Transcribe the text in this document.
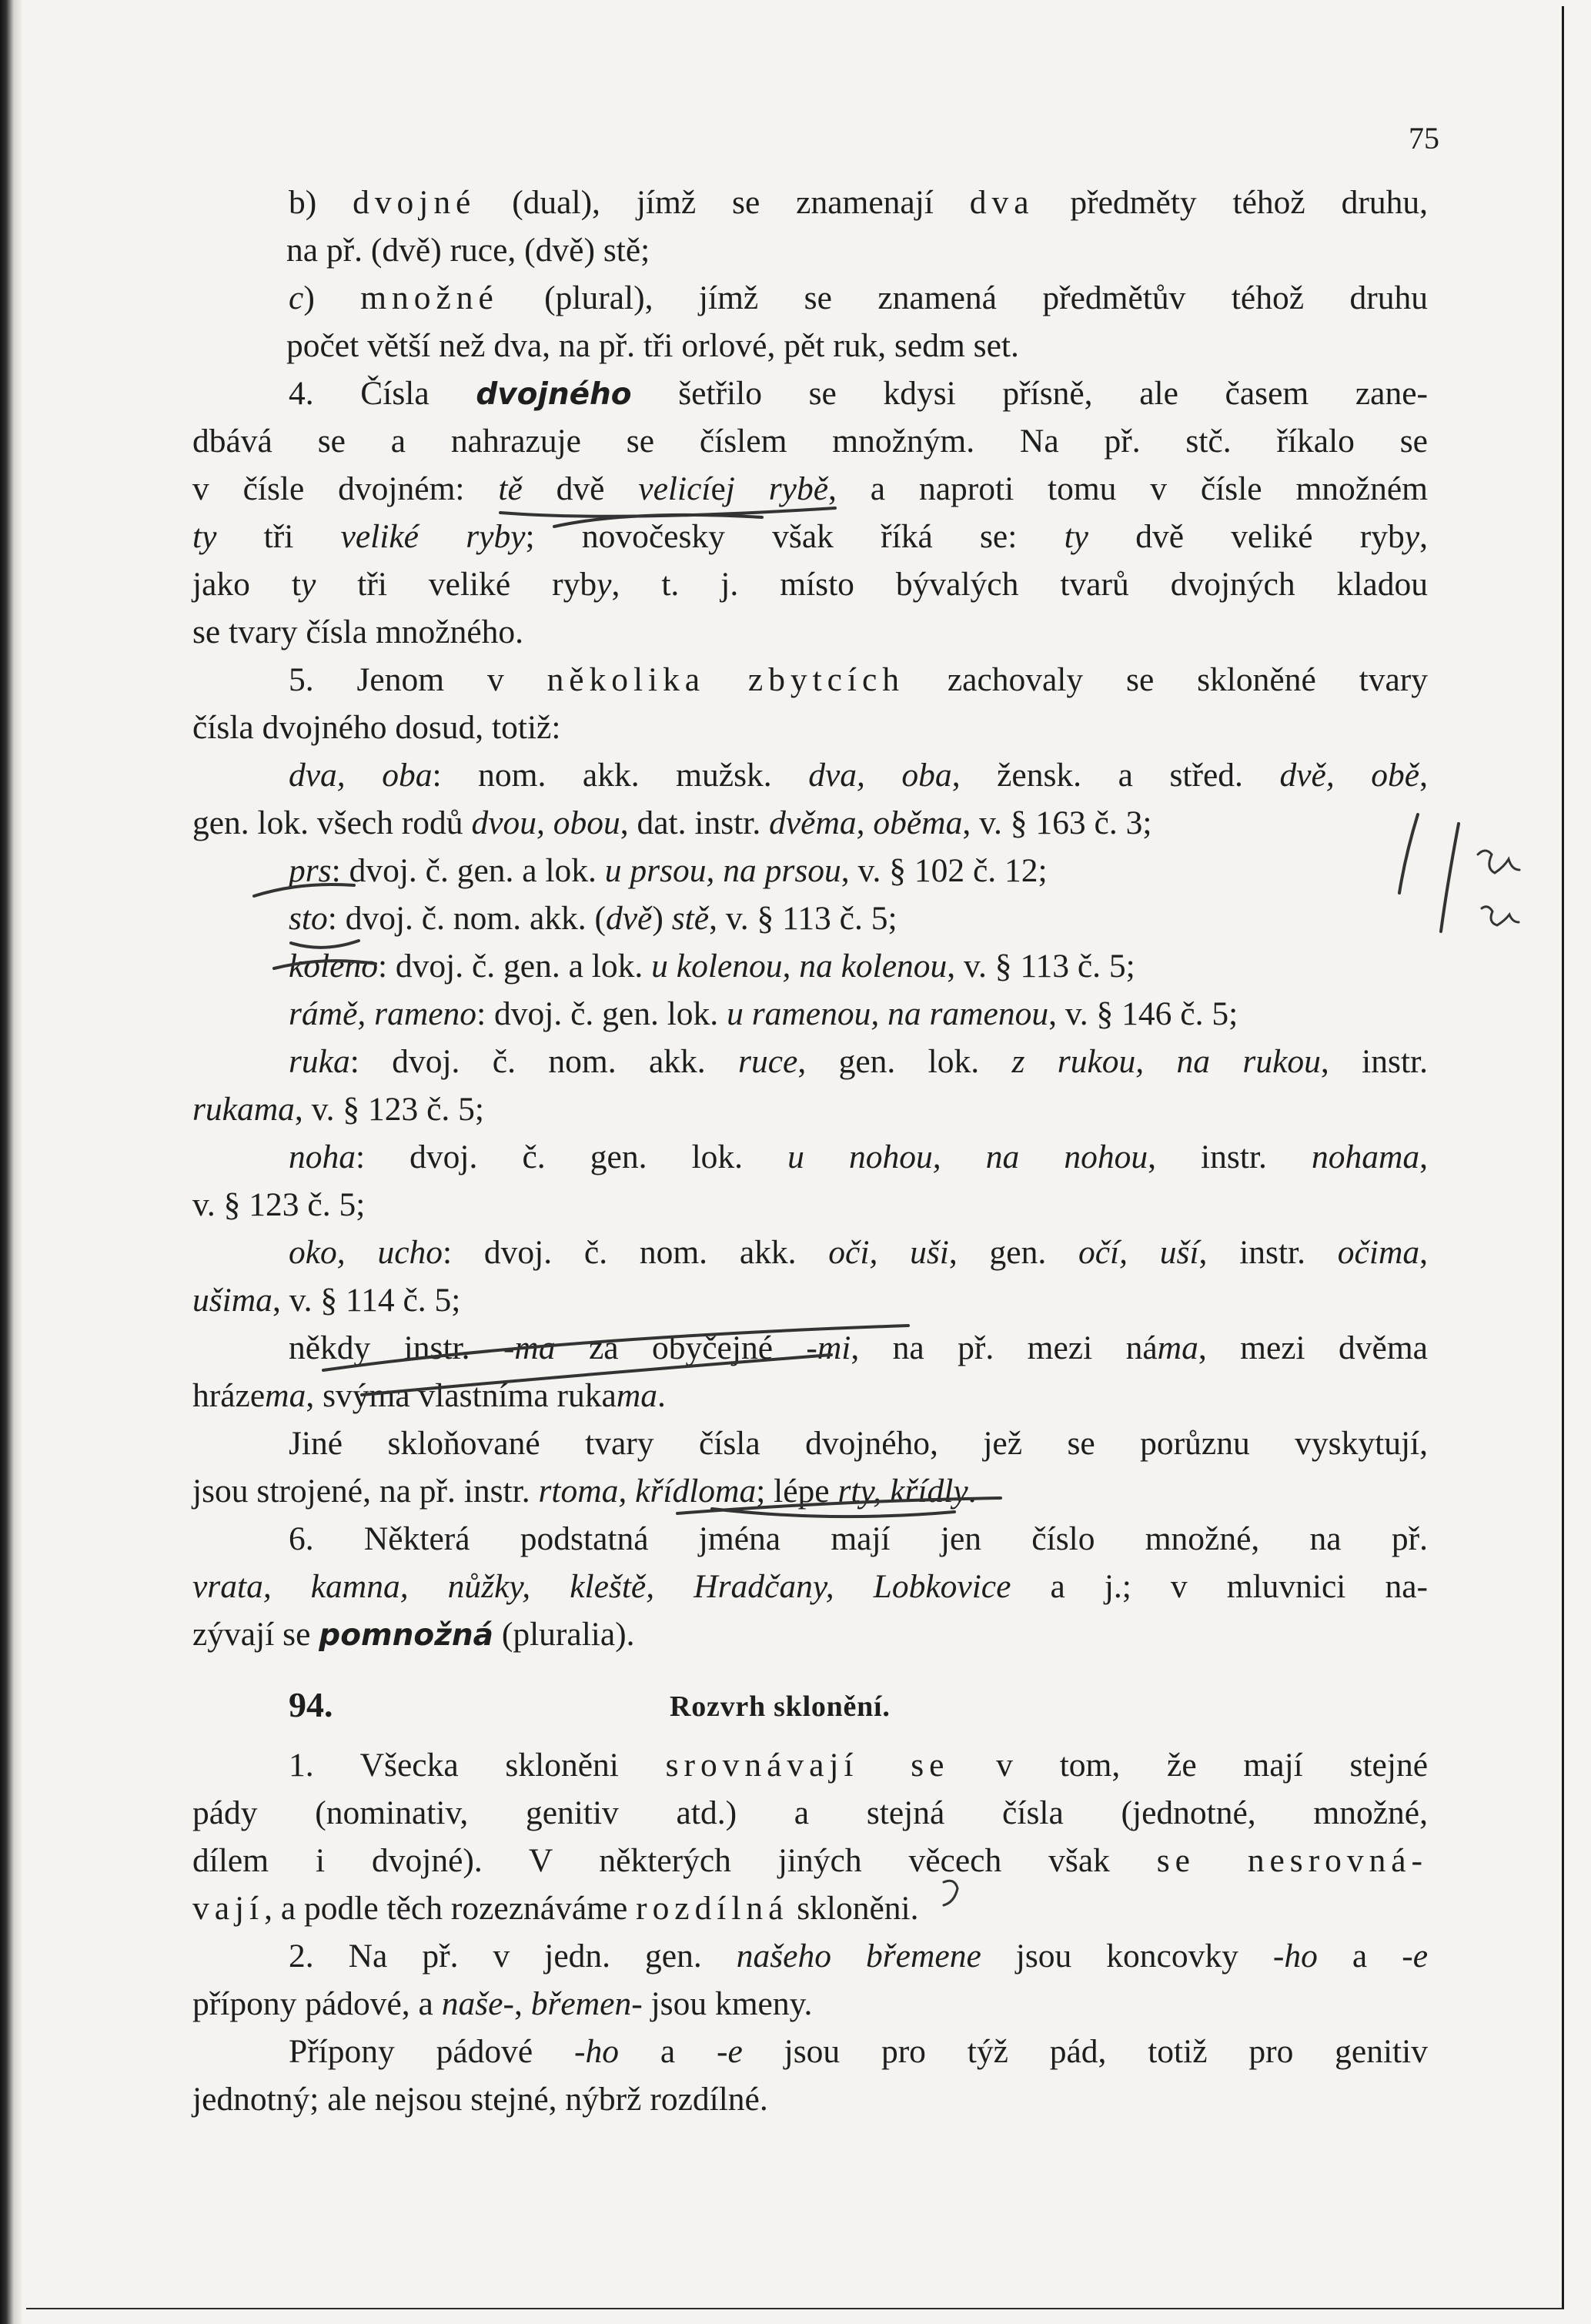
75
b) dvojné (dual), jímž se znamenají dva předměty téhož druhu,
na př. (dvě) ruce, (dvě) stě;
c) množné (plural), jímž se znamená předmětův téhož druhu
počet větší než dva, na př. tři orlové, pět ruk, sedm set.
4. Čísla dvojného šetřilo se kdysi přísně, ale časem zane-
dbává se a nahrazuje se číslem množným. Na př. stč. říkalo se
v čísle dvojném: tě dvě velicíej rybě, a naproti tomu v čísle množném
ty tři veliké ryby; novočesky však říká se: ty dvě veliké ryby,
jako ty tři veliké ryby, t. j. místo bývalých tvarů dvojných kladou
se tvary čísla množného.
5. Jenom v několika zbytcích zachovaly se skloněné tvary
čísla dvojného dosud, totiž:
dva, oba: nom. akk. mužsk. dva, oba, žensk. a střed. dvě, obě,
gen. lok. všech rodů dvou, obou, dat. instr. dvěma, oběma, v. § 163 č. 3;
prs: dvoj. č. gen. a lok. u prsou, na prsou, v. § 102 č. 12;
sto: dvoj. č. nom. akk. (dvě) stě, v. § 113 č. 5;
koleno: dvoj. č. gen. a lok. u kolenou, na kolenou, v. § 113 č. 5;
rámě, rameno: dvoj. č. gen. lok. u ramenou, na ramenou, v. § 146 č. 5;
ruka: dvoj. č. nom. akk. ruce, gen. lok. z rukou, na rukou, instr.
rukama, v. § 123 č. 5;
noha: dvoj. č. gen. lok. u nohou, na nohou, instr. nohama,
v. § 123 č. 5;
oko, ucho: dvoj. č. nom. akk. oči, uši, gen. očí, uší, instr. očima,
ušima, v. § 114 č. 5;
někdy instr. -ma za obyčejné -mi, na př. mezi náma, mezi dvěma
hrázema, svýma vlastníma rukama.
Jiné skloňované tvary čísla dvojného, jež se porůznu vyskytují,
jsou strojené, na př. instr. rtoma, křídloma; lépe rty, křídly.
6. Některá podstatná jména mají jen číslo množné, na př.
vrata, kamna, nůžky, kleště, Hradčany, Lobkovice a j.; v mluvnici na-
zývají se pomnožná (pluralia).
94.	Rozvrh sklonění.
1. Všecka skloněni srovnávají se v tom, že mají stejné
pády (nominativ, genitiv atd.) a stejná čísla (jednotné, množné,
dílem i dvojné). V některých jiných věcech však se nesrovná-
vají, a podle těch rozeznáváme rozdílná skloněni.
2. Na př. v jedn. gen. našeho břemene jsou koncovky -ho a -e
přípony pádové, a naše-, břemen- jsou kmeny.
Přípony pádové -ho a -e jsou pro týž pád, totiž pro genitiv
jednotný; ale nejsou stejné, nýbrž rozdílné.
